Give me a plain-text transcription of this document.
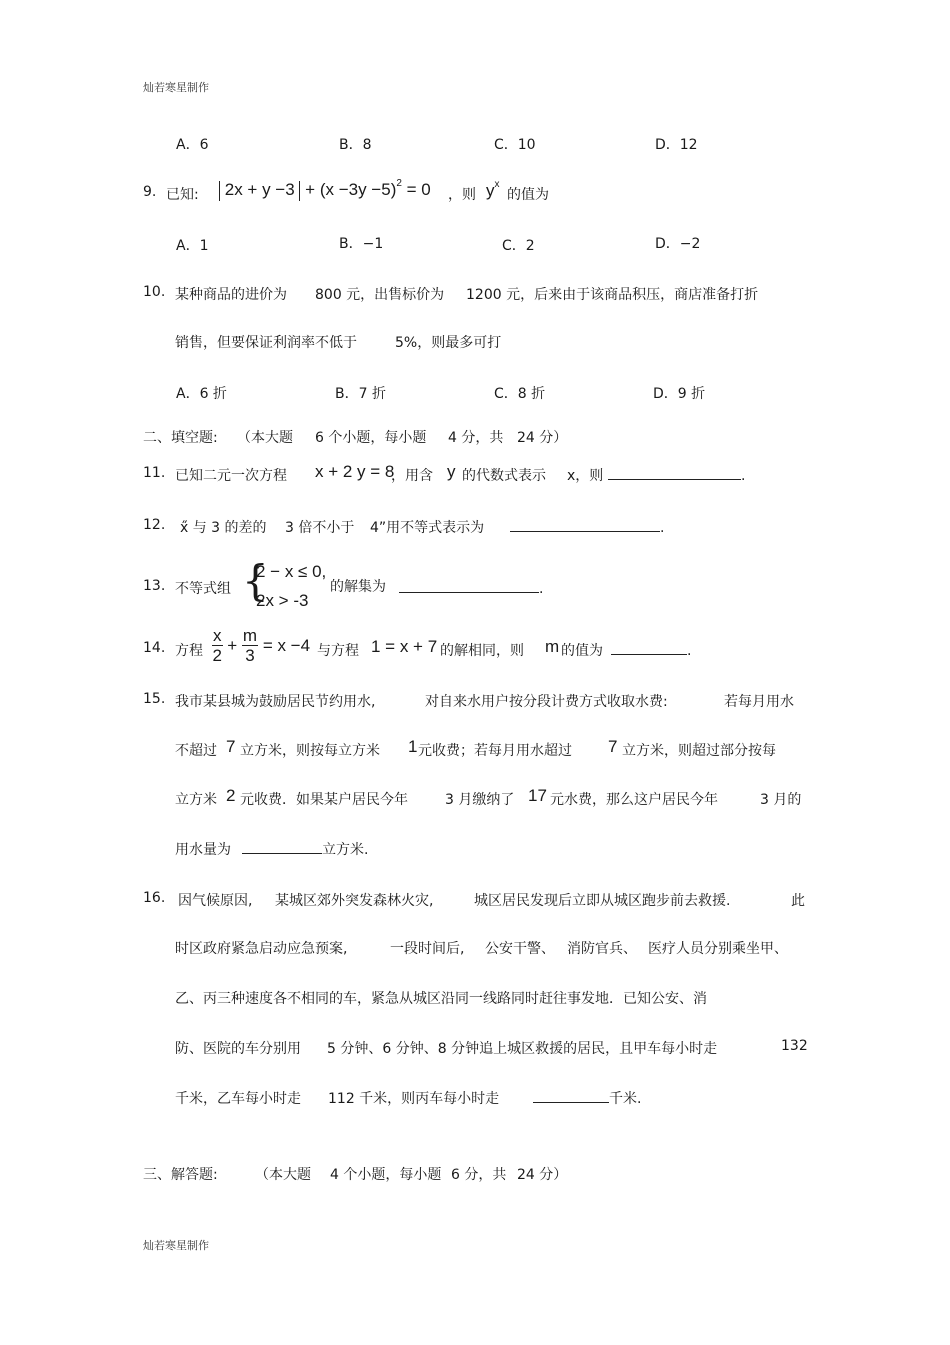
灿若寒星制作
A．6	B．8	C．10	D．12
9. 已知:	$2x + y -3 + (x -3y -5)^2 = 0$ ，则 $y^x$
的值为
A．1	B．−1	C．2	D．−2
10. 某种商品的进价为 800 元，出售标价为 1200 元，后来由于该商品积压，商店准备打折
销售，但要保证利润率不低于	5%，则最多可打
A．6 折	B．7 折	C．8 折	D．9 折
二、填空题: （本大题 6 个小题，每小题 4 分，共 24 分）
11. 已知二元一次方程 x + 2 y = 8
，用含 y 的代数式表示 x，则	.
12. x̋ 与 3 的差的 3 倍不小于 4”用不等式表示为	.
13. 不等式组 {
2 − x ≤ 0,
2x > -3
的解集为	.
14. 方程 $\frac{x}{2} + \frac{m}{3} = x -4$ 与方程 1 = x + 7 的解相同，则 m 的值为	.
15. 我市某县城为鼓励居民节约用水,	对自来水用户按分段计费方式收取水费:	若每月用水
不超过 7 立方米，则按每立方米 1 元收费；若每月用水超过 7 立方米，则超过部分按每
立方米 2 元收费．如果某户居民今年	3 月缴纳了 17 元水费，那么这户居民今年	3 月的
用水量为	立方米.
16. 因气候原因, 某城区郊外突发森林火灾,	城区居民发现后立即从城区跑步前去救援.	此
时区政府紧急启动应急预案,	一段时间后, 公安干警、 消防官兵、 医疗人员分别乘坐甲、
乙、丙三种速度各不相同的车，紧急从城区沿同一线路同时赶往事发地．已知公安、消
防、医院的车分别用 5 分钟、6 分钟、8 分钟追上城区救援的居民，且甲车每小时走	132
千米，乙车每小时走 112 千米，则丙车每小时走	千米.
三、解答题:	（本大题 4 个小题，每小题 6 分，共 24 分）
灿若寒星制作
